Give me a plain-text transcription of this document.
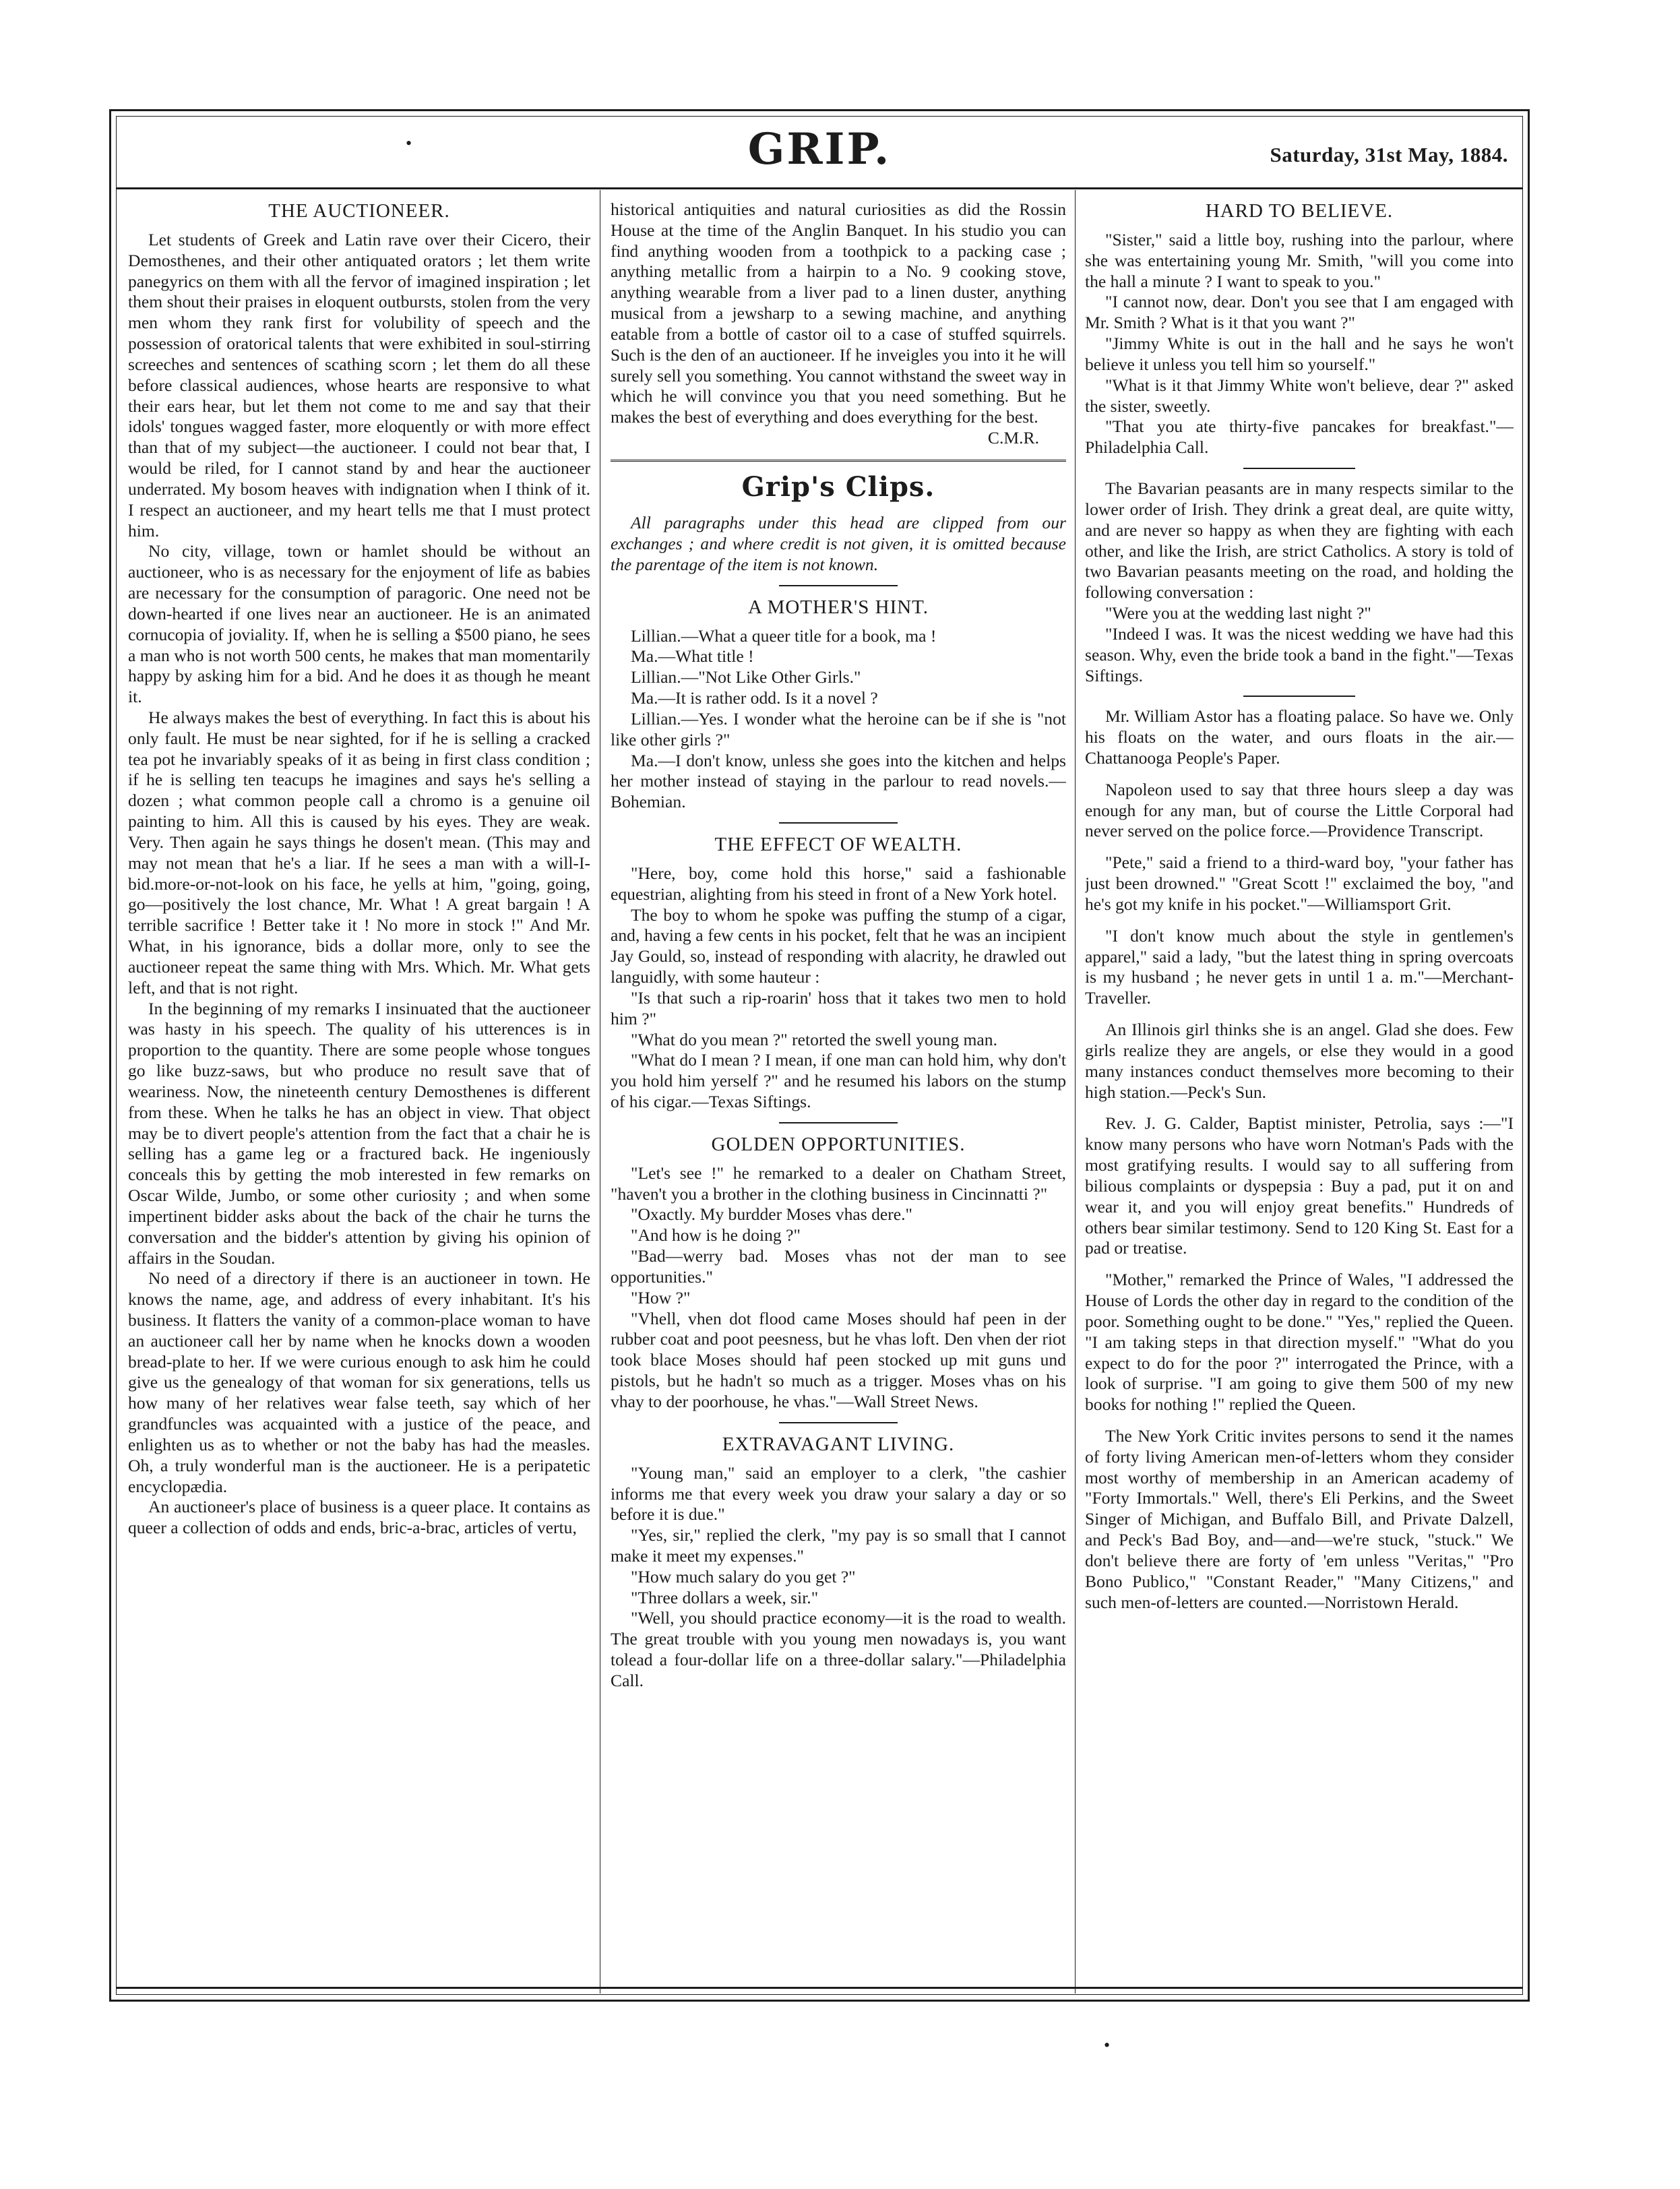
•	GRIP.	Saturday, 31st May, 1884.
THE AUCTIONEER.

Let students of Greek and Latin rave over their Cicero, their Demosthenes, and their other antiquated orators ; let them write panegyrics on them with all the fervor of imagined inspiration ; let them shout their praises in eloquent outbursts, stolen from the very men whom they rank first for volubility of speech and the possession of oratorical talents that were exhibited in soul-stirring screeches and sentences of scathing scorn ; let them do all these before classical audiences, whose hearts are responsive to what their ears hear, but let them not come to me and say that their idols' tongues wagged faster, more eloquently or with more effect than that of my subject—the auctioneer. I could not bear that, I would be riled, for I cannot stand by and hear the auctioneer underrated. My bosom heaves with indignation when I think of it. I respect an auctioneer, and my heart tells me that I must protect him.

No city, village, town or hamlet should be without an auctioneer, who is as necessary for the enjoyment of life as babies are necessary for the consumption of paragoric. One need not be down-hearted if one lives near an auctioneer. He is an animated cornucopia of joviality. If, when he is selling a $500 piano, he sees a man who is not worth 500 cents, he makes that man momentarily happy by asking him for a bid. And he does it as though he meant it.

He always makes the best of everything. In fact this is about his only fault. He must be near sighted, for if he is selling a cracked tea pot he invariably speaks of it as being in first class condition ; if he is selling ten teacups he imagines and says he's selling a dozen ; what common people call a chromo is a genuine oil painting to him. All this is caused by his eyes. They are weak. Very. Then again he says things he dosen't mean. (This may and may not mean that he's a liar. If he sees a man with a will-I-bid.more-or-not-look on his face, he yells at him, "going, going, go—positively the lost chance, Mr. What ! A great bargain ! A terrible sacrifice ! Better take it ! No more in stock !" And Mr. What, in his ignorance, bids a dollar more, only to see the auctioneer repeat the same thing with Mrs. Which. Mr. What gets left, and that is not right.

In the beginning of my remarks I insinuated that the auctioneer was hasty in his speech. The quality of his utterences is in proportion to the quantity. There are some people whose tongues go like buzz-saws, but who produce no result save that of weariness. Now, the nineteenth century Demosthenes is different from these. When he talks he has an object in view. That object may be to divert people's attention from the fact that a chair he is selling has a game leg or a fractured back. He ingeniously conceals this by getting the mob interested in few remarks on Oscar Wilde, Jumbo, or some other curiosity ; and when some impertinent bidder asks about the back of the chair he turns the conversation and the bidder's attention by giving his opinion of affairs in the Soudan.

No need of a directory if there is an auctioneer in town. He knows the name, age, and address of every inhabitant. It's his business. It flatters the vanity of a common-place woman to have an auctioneer call her by name when he knocks down a wooden bread-plate to her. If we were curious enough to ask him he could give us the genealogy of that woman for six generations, tells us how many of her relatives wear false teeth, say which of her grandfuncles was acquainted with a justice of the peace, and enlighten us as to whether or not the baby has had the measles. Oh, a truly wonderful man is the auctioneer. He is a peripatetic encyclopædia.

An auctioneer's place of business is a queer place. It contains as queer a collection of odds and ends, bric-a-brac, articles of vertu,

historical antiquities and natural curiosities as did the Rossin House at the time of the Anglin Banquet. In his studio you can find anything wooden from a toothpick to a packing case ; anything metallic from a hairpin to a No. 9 cooking stove, anything wearable from a liver pad to a linen duster, anything musical from a jewsharp to a sewing machine, and anything eatable from a bottle of castor oil to a case of stuffed squirrels. Such is the den of an auctioneer. If he inveigles you into it he will surely sell you something. You cannot withstand the sweet way in which he will convince you that you need something. But he makes the best of everything and does everything for the best.

C.M.R.
Grip's Clips.

All paragraphs under this head are clipped from our exchanges ; and where credit is not given, it is omitted because the parentage of the item is not known.

A MOTHER'S HINT.

Lillian.—What a queer title for a book, ma !

Ma.—What title !

Lillian.—"Not Like Other Girls."

Ma.—It is rather odd. Is it a novel ?

Lillian.—Yes. I wonder what the heroine can be if she is "not like other girls ?"

Ma.—I don't know, unless she goes into the kitchen and helps her mother instead of staying in the parlour to read novels.—Bohemian.

THE EFFECT OF WEALTH.

"Here, boy, come hold this horse," said a fashionable equestrian, alighting from his steed in front of a New York hotel.

The boy to whom he spoke was puffing the stump of a cigar, and, having a few cents in his pocket, felt that he was an incipient Jay Gould, so, instead of responding with alacrity, he drawled out languidly, with some hauteur :

"Is that such a rip-roarin' hoss that it takes two men to hold him ?"

"What do you mean ?" retorted the swell young man.

"What do I mean ? I mean, if one man can hold him, why don't you hold him yerself ?" and he resumed his labors on the stump of his cigar.—Texas Siftings.

GOLDEN OPPORTUNITIES.

"Let's see !" he remarked to a dealer on Chatham Street, "haven't you a brother in the clothing business in Cincinnatti ?"

"Oxactly. My burdder Moses vhas dere."

"And how is he doing ?"

"Bad—werry bad. Moses vhas not der man to see opportunities."

"How ?"

"Vhell, vhen dot flood came Moses should haf peen in der rubber coat and poot peesness, but he vhas loft. Den vhen der riot took blace Moses should haf peen stocked up mit guns und pistols, but he hadn't so much as a trigger. Moses vhas on his vhay to der poorhouse, he vhas."—Wall Street News.

EXTRAVAGANT LIVING.

"Young man," said an employer to a clerk, "the cashier informs me that every week you draw your salary a day or so before it is due."

"Yes, sir," replied the clerk, "my pay is so small that I cannot make it meet my expenses."

"How much salary do you get ?"

"Three dollars a week, sir."

"Well, you should practice economy—it is the road to wealth. The great trouble with you young men nowadays is, you want tolead a four-dollar life on a three-dollar salary."—Philadelphia Call.

HARD TO BELIEVE.

"Sister," said a little boy, rushing into the parlour, where she was entertaining young Mr. Smith, "will you come into the hall a minute ? I want to speak to you."

"I cannot now, dear. Don't you see that I am engaged with Mr. Smith ? What is it that you want ?"

"Jimmy White is out in the hall and he says he won't believe it unless you tell him so yourself."

"What is it that Jimmy White won't believe, dear ?" asked the sister, sweetly.

"That you ate thirty-five pancakes for breakfast."—Philadelphia Call.

The Bavarian peasants are in many respects similar to the lower order of Irish. They drink a great deal, are quite witty, and are never so happy as when they are fighting with each other, and like the Irish, are strict Catholics. A story is told of two Bavarian peasants meeting on the road, and holding the following conversation :

"Were you at the wedding last night ?"

"Indeed I was. It was the nicest wedding we have had this season. Why, even the bride took a band in the fight."—Texas Siftings.

Mr. William Astor has a floating palace. So have we. Only his floats on the water, and ours floats in the air.—Chattanooga People's Paper.

Napoleon used to say that three hours sleep a day was enough for any man, but of course the Little Corporal had never served on the police force.—Providence Transcript.

"Pete," said a friend to a third-ward boy, "your father has just been drowned." "Great Scott !" exclaimed the boy, "and he's got my knife in his pocket."—Williamsport Grit.

"I don't know much about the style in gentlemen's apparel," said a lady, "but the latest thing in spring overcoats is my husband ; he never gets in until 1 a. m."—Merchant-Traveller.

An Illinois girl thinks she is an angel. Glad she does. Few girls realize they are angels, or else they would in a good many instances conduct themselves more becoming to their high station.—Peck's Sun.

Rev. J. G. Calder, Baptist minister, Petrolia, says :—"I know many persons who have worn Notman's Pads with the most gratifying results. I would say to all suffering from bilious complaints or dyspepsia : Buy a pad, put it on and wear it, and you will enjoy great benefits." Hundreds of others bear similar testimony. Send to 120 King St. East for a pad or treatise.

"Mother," remarked the Prince of Wales, "I addressed the House of Lords the other day in regard to the condition of the poor. Something ought to be done." "Yes," replied the Queen. "I am taking steps in that direction myself." "What do you expect to do for the poor ?" interrogated the Prince, with a look of surprise. "I am going to give them 500 of my new books for nothing !" replied the Queen.

The New York Critic invites persons to send it the names of forty living American men-of-letters whom they consider most worthy of membership in an American academy of "Forty Immortals." Well, there's Eli Perkins, and the Sweet Singer of Michigan, and Buffalo Bill, and Private Dalzell, and Peck's Bad Boy, and—and—we're stuck, "stuck." We don't believe there are forty of 'em unless "Veritas," "Pro Bono Publico," "Constant Reader," "Many Citizens," and such men-of-letters are counted.—Norristown Herald.

•
